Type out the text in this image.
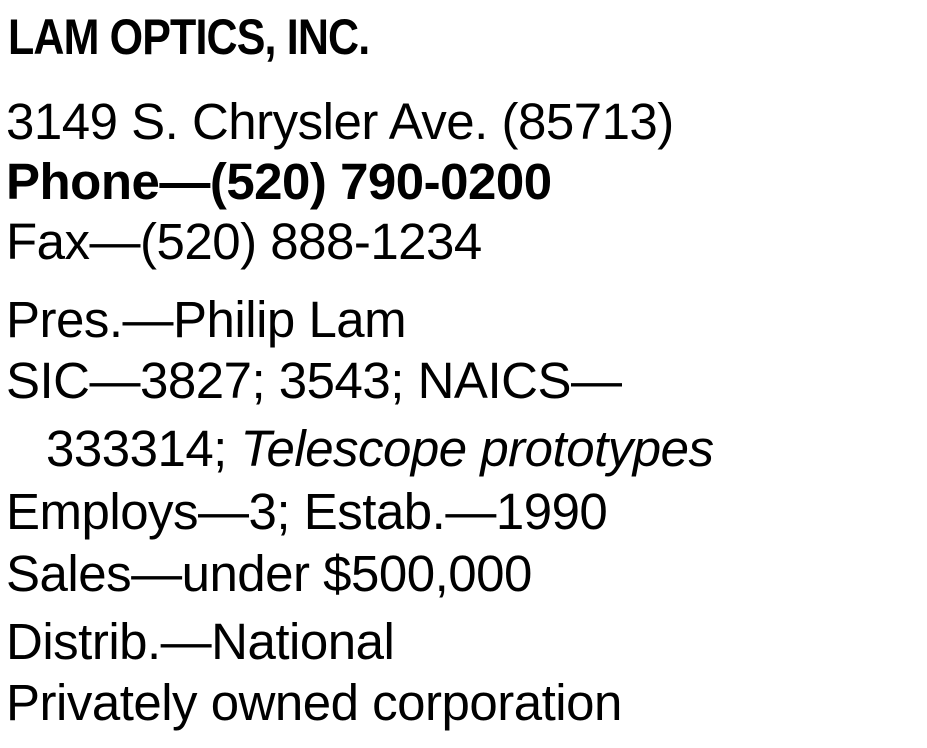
LAM OPTICS, INC.
3149 S. Chrysler Ave. (85713)
Phone—(520) 790-0200
Fax—(520) 888-1234
Pres.—Philip Lam
SIC—3827; 3543; NAICS—
333314; Telescope prototypes
Employs—3; Estab.—1990
Sales—under $500,000
Distrib.—National
Privately owned corporation
